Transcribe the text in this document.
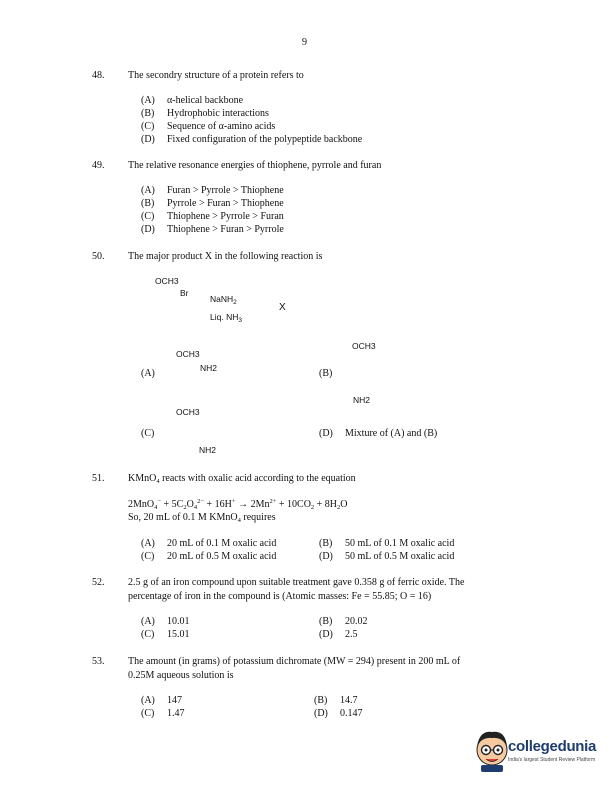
9
48. The secondry structure of a protein refers to
(A) α-helical backbone
(B) Hydrophobic interactions
(C) Sequence of α-amino acids
(D) Fixed configuration of the polypeptide backbone
49. The relative resonance energies of thiophene, pyrrole and furan
(A) Furan > Pyrrole > Thiophene
(B) Pyrrole > Furan > Thiophene
(C) Thiophene > Pyrrole > Furan
(D) Thiophene > Furan > Pyrrole
50. The major product X in the following reaction is
OCH3
Br
NaNH$_2$
Liq. $NH_3$
X
(A)
OCH3
NH2	(B)
OCH3
NH2
(C)
OCH3
NH2
(D) Mixture of (A) and (B)
51. KMnO$_4$ reacts with oxalic acid according to the equation
$2MnO_4^- + 5C_2O_4^{2-} + 16H^+ \to 2Mn^{2+} + 10CO_2 + 8H_2O$
So, 20 mL of 0.1 M KMnO$_4$ requires
(A) 20 mL of 0.1 M oxalic acid	(B) 50 mL of 0.1 M oxalic acid
(C) 20 mL of 0.5 M oxalic acid	(D) 50 mL of 0.5 M oxalic acid
52. 2.5 g of an iron compound upon suitable treatment gave 0.358 g of ferric oxide. The
percentage of iron in the compound is (Atomic masses: Fe = 55.85; O = 16)
(A) 10.01	(B) 20.02
(C) 15.01	(D) 2.5
53. The amount (in grams) of potassium dichromate (MW = 294) present in 200 mL of
0.25M aqueous solution is
(A) 147	(B) 14.7
(C) 1.47	(D) 0.147
collegedunia
India's largest Student Review Platform
